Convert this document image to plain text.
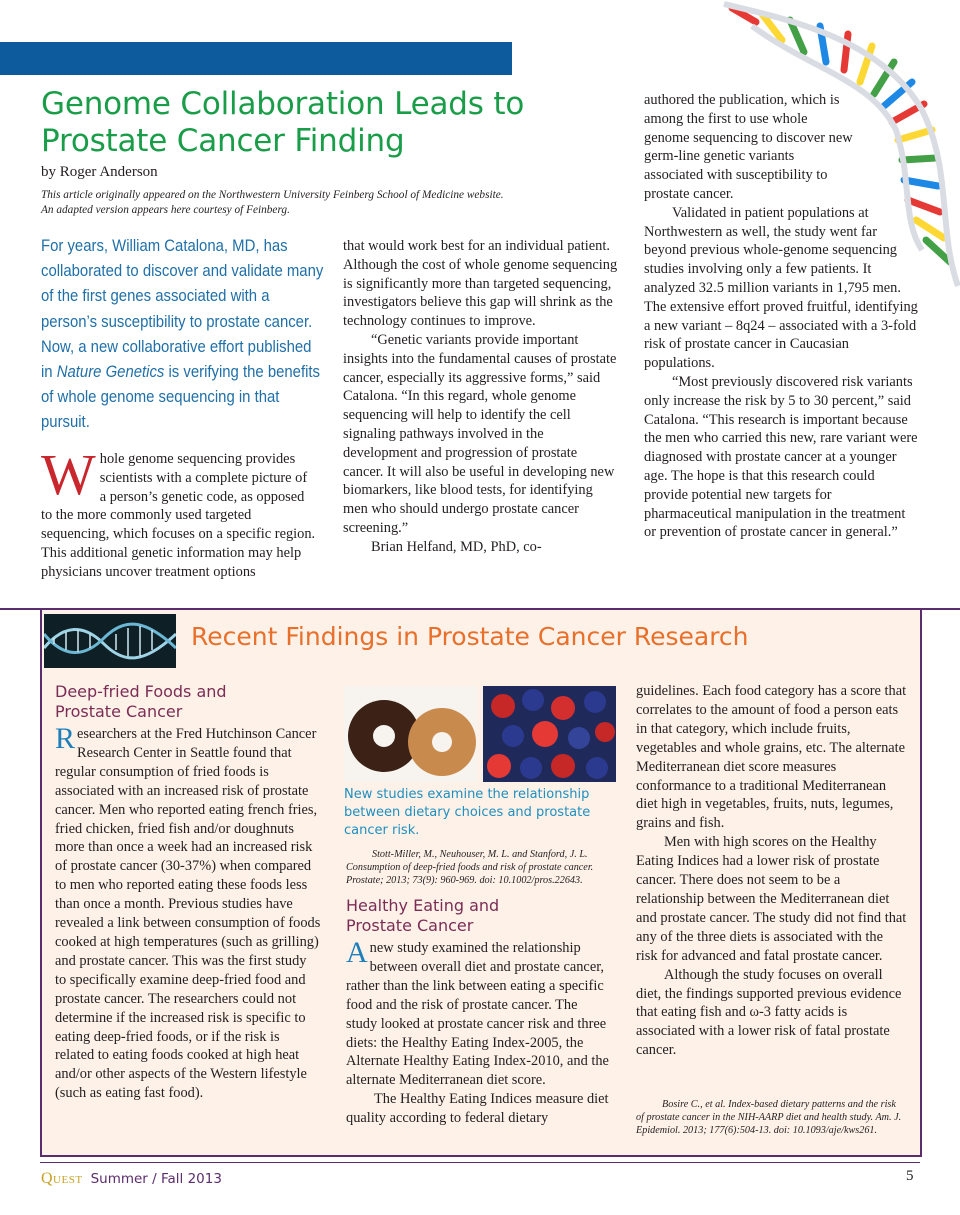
Genome Collaboration Leads to Prostate Cancer Finding
by Roger Anderson
This article originally appeared on the Northwestern University Feinberg School of Medicine website.
An adapted version appears here courtesy of Feinberg.
For years, William Catalona, MD, has collaborated to discover and validate many of the first genes associated with a person’s susceptibility to prostate cancer. Now, a new collaborative effort published in Nature Genetics is verifying the benefits of whole genome sequencing in that pursuit.

Whole genome sequencing provides scientists with a complete picture of a person’s genetic code, as opposed to the more commonly used targeted sequencing, which focuses on a specific region. This additional genetic information may help physicians uncover treatment options

that would work best for an individual patient. Although the cost of whole genome sequencing is significantly more than targeted sequencing, investigators believe this gap will shrink as the technology continues to improve.

“Genetic variants provide important insights into the fundamental causes of prostate cancer, especially its aggressive forms,” said Catalona. “In this regard, whole genome sequencing will help to identify the cell signaling pathways involved in the development and progression of prostate cancer. It will also be useful in developing new biomarkers, like blood tests, for identifying men who should undergo prostate cancer screening.”

Brian Helfand, MD, PhD, co-

authored the publication, which is among the first to use whole genome sequencing to discover new germ-line genetic variants associated with susceptibility to prostate cancer.

Validated in patient populations at Northwestern as well, the study went far beyond previous whole-genome sequencing studies involving only a few patients. It analyzed 32.5 million variants in 1,795 men. The extensive effort proved fruitful, identifying a new variant – 8q24 – associated with a 3-fold risk of prostate cancer in Caucasian populations.

“Most previously discovered risk variants only increase the risk by 5 to 30 percent,” said Catalona. “This research is important because the men who carried this new, rare variant were diagnosed with prostate cancer at a younger age. The hope is that this research could provide potential new targets for pharmaceutical manipulation in the treatment or prevention of prostate cancer in general.”

Recent Findings in Prostate Cancer Research
Deep-fried Foods and Prostate Cancer

Researchers at the Fred Hutchinson Cancer Research Center in Seattle found that regular consumption of fried foods is associated with an increased risk of prostate cancer. Men who reported eating french fries, fried chicken, fried fish and/or doughnuts more than once a week had an increased risk of prostate cancer (30-37%) when compared to men who reported eating these foods less than once a month. Previous studies have revealed a link between consumption of foods cooked at high temperatures (such as grilling) and prostate cancer. This was the first study to specifically examine deep-fried food and prostate cancer. The researchers could not determine if the increased risk is specific to eating deep-fried foods, or if the risk is related to eating foods cooked at high heat and/or other aspects of the Western lifestyle (such as eating fast food).

New studies examine the relationship between dietary choices and prostate cancer risk.
Stott-Miller, M., Neuhouser, M. L. and Stanford, J. L. Consumption of deep-fried foods and risk of prostate cancer. Prostate; 2013; 73(9): 960-969. doi: 10.1002/pros.22643.
Healthy Eating and Prostate Cancer

A new study examined the relationship between overall diet and prostate cancer, rather than the link between eating a specific food and the risk of prostate cancer. The study looked at prostate cancer risk and three diets: the Healthy Eating Index-2005, the Alternate Healthy Eating Index-2010, and the alternate Mediterranean diet score.

The Healthy Eating Indices measure diet quality according to federal dietary

guidelines. Each food category has a score that correlates to the amount of food a person eats in that category, which include fruits, vegetables and whole grains, etc. The alternate Mediterranean diet score measures conformance to a traditional Mediterranean diet high in vegetables, fruits, nuts, legumes, grains and fish.

Men with high scores on the Healthy Eating Indices had a lower risk of prostate cancer. There does not seem to be a relationship between the Mediterranean diet and prostate cancer. The study did not find that any of the three diets is associated with the risk for advanced and fatal prostate cancer.

Although the study focuses on overall diet, the findings supported previous evidence that eating fish and ω-3 fatty acids is associated with a lower risk of fatal prostate cancer.

Bosire C., et al. Index-based dietary patterns and the risk of prostate cancer in the NIH-AARP diet and health study. Am. J. Epidemiol. 2013; 177(6):504-13. doi: 10.1093/aje/kws261.
Quest Summer / Fall 2013	5
